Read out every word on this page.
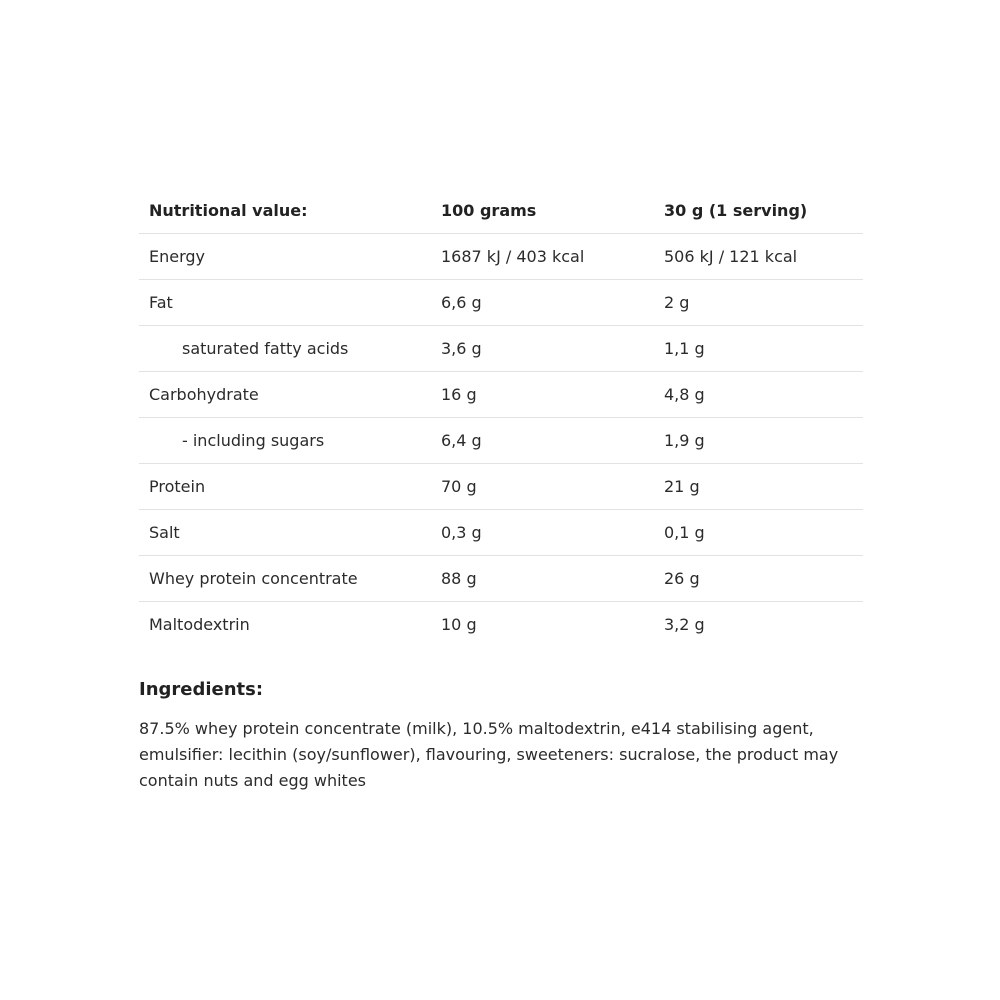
Nutritional value:	100 grams	30 g (1 serving)
Energy	1687 kJ / 403 kcal	506 kJ / 121 kcal
Fat	6,6 g	2 g
saturated fatty acids	3,6 g	1,1 g
Carbohydrate	16 g	4,8 g
- including sugars	6,4 g	1,9 g
Protein	70 g	21 g
Salt	0,3 g	0,1 g
Whey protein concentrate	88 g	26 g
Maltodextrin	10 g	3,2 g
Ingredients:
87.5% whey protein concentrate (milk), 10.5% maltodextrin, e414 stabilising agent, emulsifier: lecithin (soy/sunflower), flavouring, sweeteners: sucralose, the product may contain nuts and egg whites
